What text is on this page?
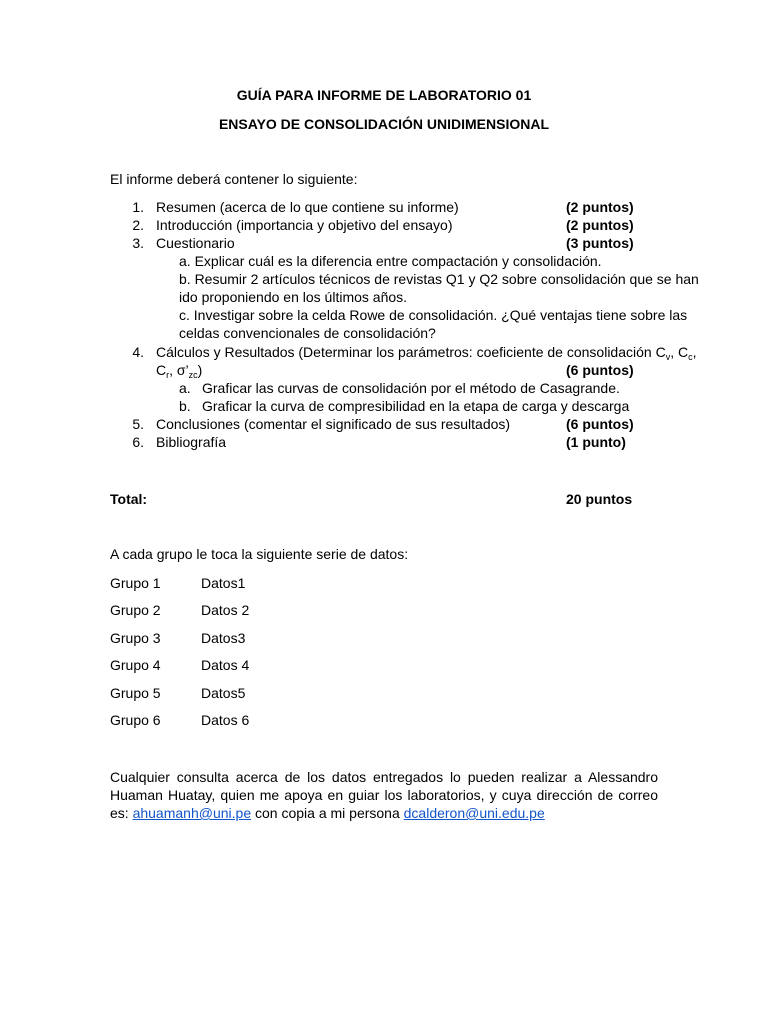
GUÍA PARA INFORME DE LABORATORIO 01
ENSAYO DE CONSOLIDACIÓN UNIDIMENSIONAL
El informe deberá contener lo siguiente:
1. Resumen (acerca de lo que contiene su informe)	(2 puntos)
2. Introducción (importancia y objetivo del ensayo)	(2 puntos)
3. Cuestionario	(3 puntos)
a. Explicar cuál es la diferencia entre compactación y consolidación.
b. Resumir 2 artículos técnicos de revistas Q1 y Q2 sobre consolidación que se han
ido proponiendo en los últimos años.
c. Investigar sobre la celda Rowe de consolidación. ¿Qué ventajas tiene sobre las
celdas convencionales de consolidación?
4. Cálculos y Resultados (Determinar los parámetros: coeficiente de consolidación $C_v$, $C_c$,
$C_r$, $\sigma’_{zc}$)	(6 puntos)
a. Graficar las curvas de consolidación por el método de Casagrande.
b. Graficar la curva de compresibilidad en la etapa de carga y descarga
5. Conclusiones (comentar el significado de sus resultados)	(6 puntos)
6. Bibliografía	(1 punto)
Total:	20 puntos
A cada grupo le toca la siguiente serie de datos:
Grupo 1	Datos1
Grupo 2	Datos 2
Grupo 3	Datos3
Grupo 4	Datos 4
Grupo 5	Datos5
Grupo 6	Datos 6
Cualquier consulta acerca de los datos entregados lo pueden realizar a Alessandro Huaman Huatay, quien me apoya en guiar los laboratorios, y cuya dirección de correo es: ahuamanh@uni.pe con copia a mi persona dcalderon@uni.edu.pe
